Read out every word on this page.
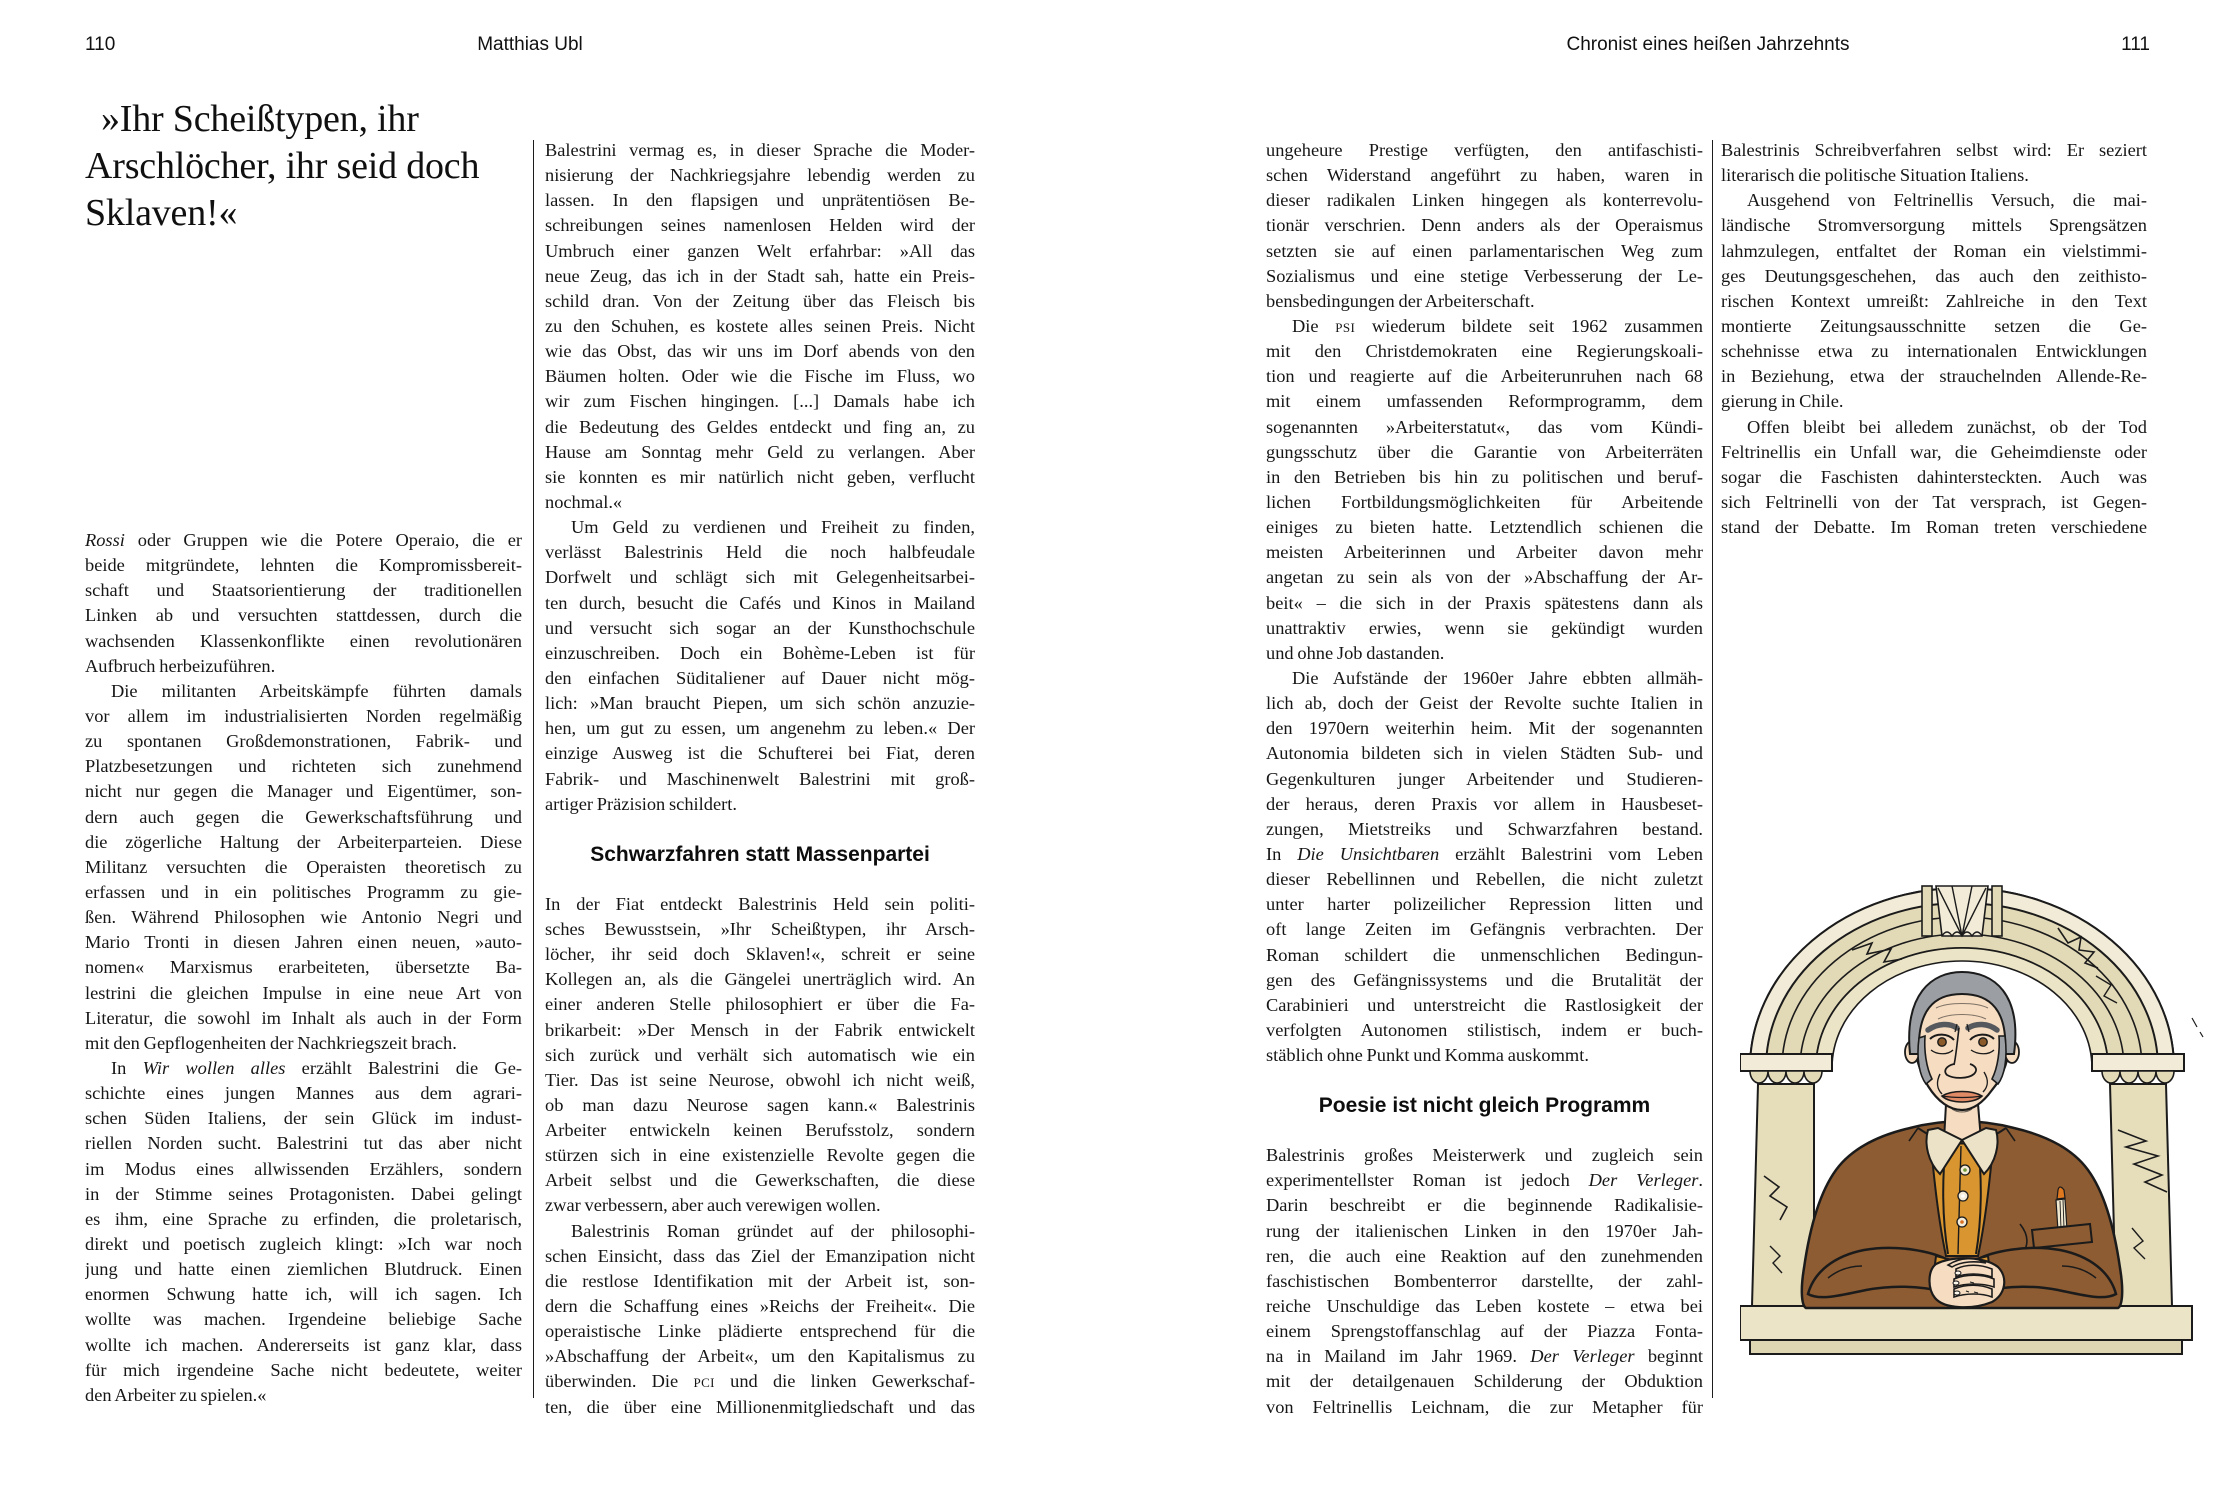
110	Matthias Ubl	Chronist eines heißen Jahrzehnts	111
»Ihr Scheißtypen, ihr
Arschlöcher, ihr seid doch
Sklaven!«
Rossi oder Gruppen wie die Potere Operaio, die er
beide mitgründete, lehnten die Kompromissbereit-
schaft und Staatsorientierung der traditionellen
Linken ab und versuchten stattdessen, durch die
wachsenden Klassenkonflikte einen revolutionären
Aufbruch herbeizuführen.
Die militanten Arbeitskämpfe führten damals
vor allem im industrialisierten Norden regelmäßig
zu spontanen Großdemonstrationen, Fabrik- und
Platzbesetzungen und richteten sich zunehmend
nicht nur gegen die Manager und Eigentümer, son-
dern auch gegen die Gewerkschaftsführung und
die zögerliche Haltung der Arbeiterparteien. Diese
Militanz versuchten die Operaisten theoretisch zu
erfassen und in ein politisches Programm zu gie-
ßen. Während Philosophen wie Antonio Negri und
Mario Tronti in diesen Jahren einen neuen, »auto-
nomen« Marxismus erarbeiteten, übersetzte Ba-
lestrini die gleichen Impulse in eine neue Art von
Literatur, die sowohl im Inhalt als auch in der Form
mit den Gepflogenheiten der Nachkriegszeit brach.
In Wir wollen alles erzählt Balestrini die Ge-
schichte eines jungen Mannes aus dem agrari-
schen Süden Italiens, der sein Glück im indust-
riellen Norden sucht. Balestrini tut das aber nicht
im Modus eines allwissenden Erzählers, sondern
in der Stimme seines Protagonisten. Dabei gelingt
es ihm, eine Sprache zu erfinden, die proletarisch,
direkt und poetisch zugleich klingt: »Ich war noch
jung und hatte einen ziemlichen Blutdruck. Einen
enormen Schwung hatte ich, will ich sagen. Ich
wollte was machen. Irgendeine beliebige Sache
wollte ich machen. Andererseits ist ganz klar, dass
für mich irgendeine Sache nicht bedeutete, weiter
den Arbeiter zu spielen.«
Balestrini vermag es, in dieser Sprache die Moder-
nisierung der Nachkriegsjahre lebendig werden zu
lassen. In den flapsigen und unprätentiösen Be-
schreibungen seines namenlosen Helden wird der
Umbruch einer ganzen Welt erfahrbar: »All das
neue Zeug, das ich in der Stadt sah, hatte ein Preis-
schild dran. Von der Zeitung über das Fleisch bis
zu den Schuhen, es kostete alles seinen Preis. Nicht
wie das Obst, das wir uns im Dorf abends von den
Bäumen holten. Oder wie die Fische im Fluss, wo
wir zum Fischen hingingen. [...] Damals habe ich
die Bedeutung des Geldes entdeckt und fing an, zu
Hause am Sonntag mehr Geld zu verlangen. Aber
sie konnten es mir natürlich nicht geben, verflucht
nochmal.«
Um Geld zu verdienen und Freiheit zu finden,
verlässt Balestrinis Held die noch halbfeudale
Dorfwelt und schlägt sich mit Gelegenheitsarbei-
ten durch, besucht die Cafés und Kinos in Mailand
und versucht sich sogar an der Kunsthochschule
einzuschreiben. Doch ein Bohème-Leben ist für
den einfachen Süditaliener auf Dauer nicht mög-
lich: »Man braucht Piepen, um sich schön anzuzie-
hen, um gut zu essen, um angenehm zu leben.« Der
einzige Ausweg ist die Schufterei bei Fiat, deren
Fabrik- und Maschinenwelt Balestrini mit groß-
artiger Präzision schildert.
Schwarzfahren statt Massenpartei
In der Fiat entdeckt Balestrinis Held sein politi-
sches Bewusstsein, »Ihr Scheißtypen, ihr Arsch-
löcher, ihr seid doch Sklaven!«, schreit er seine
Kollegen an, als die Gängelei unerträglich wird. An
einer anderen Stelle philosophiert er über die Fa-
brikarbeit: »Der Mensch in der Fabrik entwickelt
sich zurück und verhält sich automatisch wie ein
Tier. Das ist seine Neurose, obwohl ich nicht weiß,
ob man dazu Neurose sagen kann.« Balestrinis
Arbeiter entwickeln keinen Berufsstolz, sondern
stürzen sich in eine existenzielle Revolte gegen die
Arbeit selbst und die Gewerkschaften, die diese
zwar verbessern, aber auch verewigen wollen.
Balestrinis Roman gründet auf der philosophi-
schen Einsicht, dass das Ziel der Emanzipation nicht
die restlose Identifikation mit der Arbeit ist, son-
dern die Schaffung eines »Reichs der Freiheit«. Die
operaistische Linke plädierte entsprechend für die
»Abschaffung der Arbeit«, um den Kapitalismus zu
überwinden. Die pci und die linken Gewerkschaf-
ten, die über eine Millionenmitgliedschaft und das
ungeheure Prestige verfügten, den antifaschisti-
schen Widerstand angeführt zu haben, waren in
dieser radikalen Linken hingegen als konterrevolu-
tionär verschrien. Denn anders als der Operaismus
setzten sie auf einen parlamentarischen Weg zum
Sozialismus und eine stetige Verbesserung der Le-
bensbedingungen der Arbeiterschaft.
Die psi wiederum bildete seit 1962 zusammen
mit den Christdemokraten eine Regierungskoali-
tion und reagierte auf die Arbeiterunruhen nach 68
mit einem umfassenden Reformprogramm, dem
sogenannten »Arbeiterstatut«, das vom Kündi-
gungsschutz über die Garantie von Arbeiterräten
in den Betrieben bis hin zu politischen und beruf-
lichen Fortbildungsmöglichkeiten für Arbeitende
einiges zu bieten hatte. Letztendlich schienen die
meisten Arbeiterinnen und Arbeiter davon mehr
angetan zu sein als von der »Abschaffung der Ar-
beit« – die sich in der Praxis spätestens dann als
unattraktiv erwies, wenn sie gekündigt wurden
und ohne Job dastanden.
Die Aufstände der 1960er Jahre ebbten allmäh-
lich ab, doch der Geist der Revolte suchte Italien in
den 1970ern weiterhin heim. Mit der sogenannten
Autonomia bildeten sich in vielen Städten Sub- und
Gegenkulturen junger Arbeitender und Studieren-
der heraus, deren Praxis vor allem in Hausbeset-
zungen, Mietstreiks und Schwarzfahren bestand.
In Die Unsichtbaren erzählt Balestrini vom Leben
dieser Rebellinnen und Rebellen, die nicht zuletzt
unter harter polizeilicher Repression litten und
oft lange Zeiten im Gefängnis verbrachten. Der
Roman schildert die unmenschlichen Bedingun-
gen des Gefängnissystems und die Brutalität der
Carabinieri und unterstreicht die Rastlosigkeit der
verfolgten Autonomen stilistisch, indem er buch-
stäblich ohne Punkt und Komma auskommt.
Poesie ist nicht gleich Programm
Balestrinis großes Meisterwerk und zugleich sein
experimentellster Roman ist jedoch Der Verleger.
Darin beschreibt er die beginnende Radikalisie-
rung der italienischen Linken in den 1970er Jah-
ren, die auch eine Reaktion auf den zunehmenden
faschistischen Bombenterror darstellte, der zahl-
reiche Unschuldige das Leben kostete – etwa bei
einem Sprengstoffanschlag auf der Piazza Fonta-
na in Mailand im Jahr 1969. Der Verleger beginnt
mit der detailgenauen Schilderung der Obduktion
von Feltrinellis Leichnam, die zur Metapher für
Balestrinis Schreibverfahren selbst wird: Er seziert
literarisch die politische Situation Italiens.
Ausgehend von Feltrinellis Versuch, die mai-
ländische Stromversorgung mittels Sprengsätzen
lahmzulegen, entfaltet der Roman ein vielstimmi-
ges Deutungsgeschehen, das auch den zeithisto-
rischen Kontext umreißt: Zahlreiche in den Text
montierte Zeitungsausschnitte setzen die Ge-
schehnisse etwa zu internationalen Entwicklungen
in Beziehung, etwa der strauchelnden Allende-Re-
gierung in Chile.
Offen bleibt bei alledem zunächst, ob der Tod
Feltrinellis ein Unfall war, die Geheimdienste oder
sogar die Faschisten dahintersteckten. Auch was
sich Feltrinelli von der Tat versprach, ist Gegen-
stand der Debatte. Im Roman treten verschiedene
